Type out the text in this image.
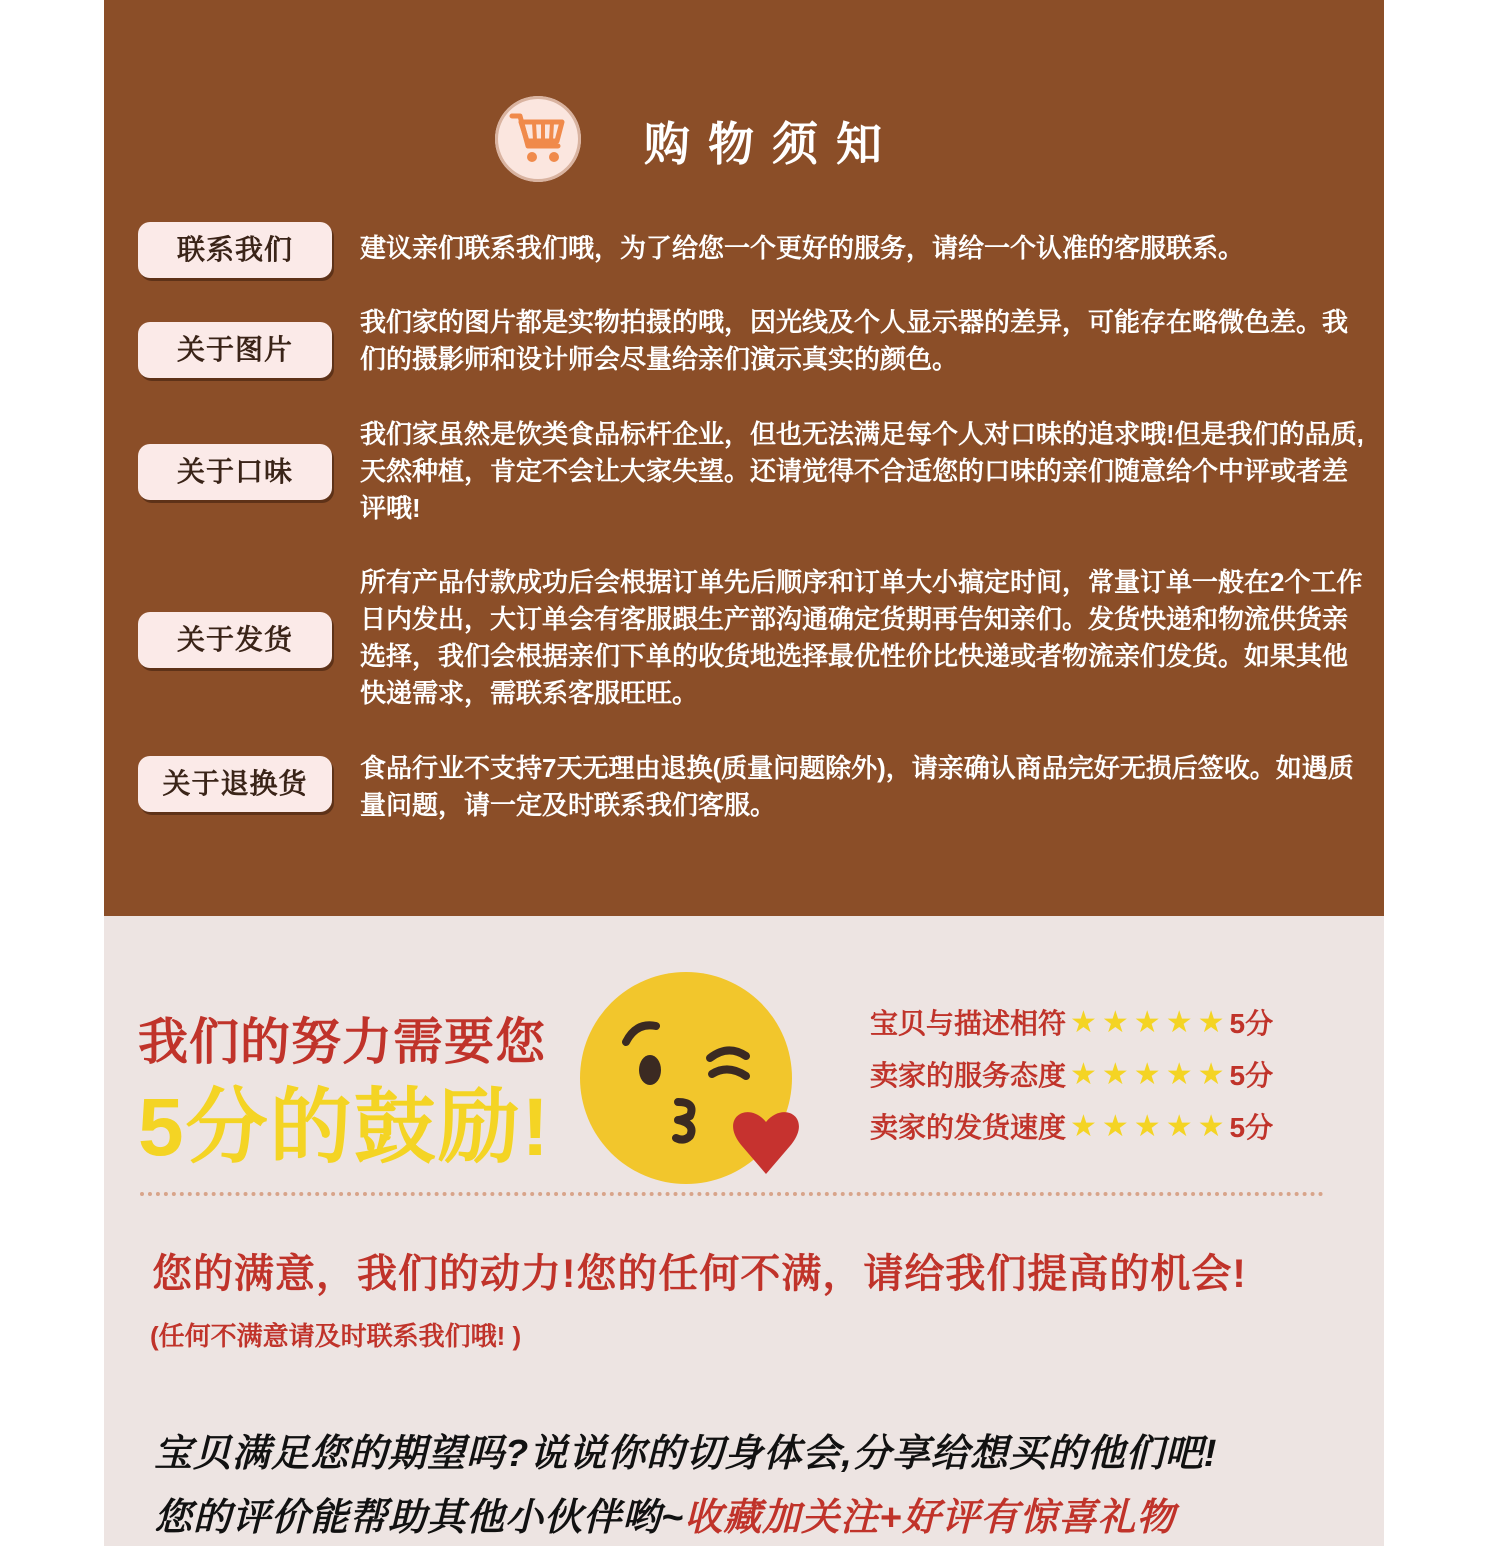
购物须知
联系我们	建议亲们联系我们哦，为了给您一个更好的服务，请给一个认准的客服联系。
关于图片
我们家的图片都是实物拍摄的哦，因光线及个人显示器的差异，可能存在略微色差。我们的摄影师和设计师会尽量给亲们演示真实的颜色。
关于口味
我们家虽然是饮类食品标杆企业，但也无法满足每个人对口味的追求哦!但是我们的品质,天然种植，肯定不会让大家失望。还请觉得不合适您的口味的亲们随意给个中评或者差评哦!
关于发货
所有产品付款成功后会根据订单先后顺序和订单大小搞定时间，常量订单一般在2个工作日内发出，大订单会有客服跟生产部沟通确定货期再告知亲们。发货快递和物流供货亲选择，我们会根据亲们下单的收货地选择最优性价比快递或者物流亲们发货。如果其他快递需求，需联系客服旺旺。
关于退换货	食品行业不支持7天无理由退换(质量问题除外)，请亲确认商品完好无损后签收。如遇质量问题，请一定及时联系我们客服。
我们的努力需要您
5分的鼓励!
宝贝与描述相符 ★★★★★5分
卖家的服务态度 ★★★★★5分
卖家的发货速度 ★★★★★5分
您的满意，我们的动力!您的任何不满，请给我们提高的机会!
(任何不满意请及时联系我们哦! )
宝贝满足您的期望吗?说说你的切身体会,分享给想买的他们吧!
您的评价能帮助其他小伙伴哟~收藏加关注+好评有惊喜礼物
